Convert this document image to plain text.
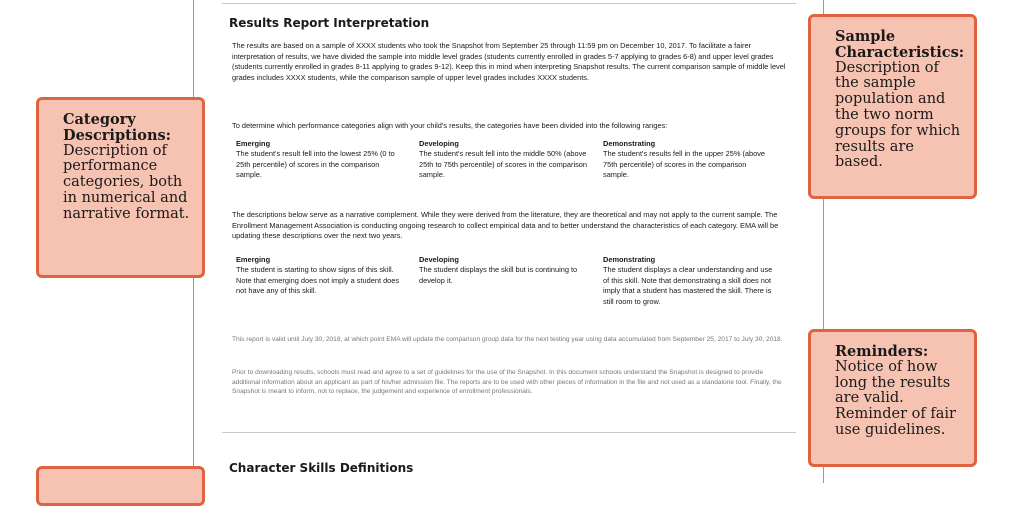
Results Report Interpretation

The results are based on a sample of XXXX students who took the Snapshot from September 25 through 11:59 pm on December 10, 2017. To facilitate a fairer interpretation of results, we have divided the sample into middle level grades (students currently enrolled in grades 5-7 applying to grades 6-8) and upper level grades (students currently enrolled in grades 8-11 applying to grades 9-12). Keep this in mind when interpreting Snapshot results. The current comparison sample of middle level grades includes XXXX students, while the comparison sample of upper level grades includes XXXX students.

To determine which performance categories align with your child's results, the categories have been divided into the following ranges:

Emerging
The student's result fell into the lowest 25% (0 to 25th percentile) of scores in the comparison sample.
Developing
The student's result fell into the middle 50% (above 25th to 75th percentile) of scores in the comparison sample.
Demonstrating
The student's results fell in the upper 25% (above 75th percentile) of scores in the comparison sample.

The descriptions below serve as a narrative complement. While they were derived from the literature, they are theoretical and may not apply to the current sample. The Enrollment Management Association is conducting ongoing research to collect empirical data and to better understand the characteristics of each category. EMA will be updating these descriptions over the next two years.

Emerging
The student is starting to show signs of this skill. Note that emerging does not imply a student does not have any of this skill.
Developing
The student displays the skill but is continuing to develop it.
Demonstrating
The student displays a clear understanding and use of this skill. Note that demonstrating a skill does not imply that a student has mastered the skill. There is still room to grow.

This report is valid until July 30, 2018, at which point EMA will update the comparison group data for the next testing year using data accumulated from September 25, 2017 to July 30, 2018.

Prior to downloading results, schools must read and agree to a set of guidelines for the use of the Snapshot. In this document schools understand the Snapshot is designed to provide additional information about an applicant as part of his/her admission file. The reports are to be used with other pieces of information in the file and not used as a standalone tool. Finally, the Snapshot is meant to inform, not to replace, the judgement and experience of enrollment professionals.

Character Skills Definitions
Category Descriptions:
Description of performance categories, both in numerical and narrative format.
Sample Characteristics:
Description of the sample population and the two norm groups for which results are based.
Reminders:
Notice of how long the results are valid. Reminder of fair use guidelines.
